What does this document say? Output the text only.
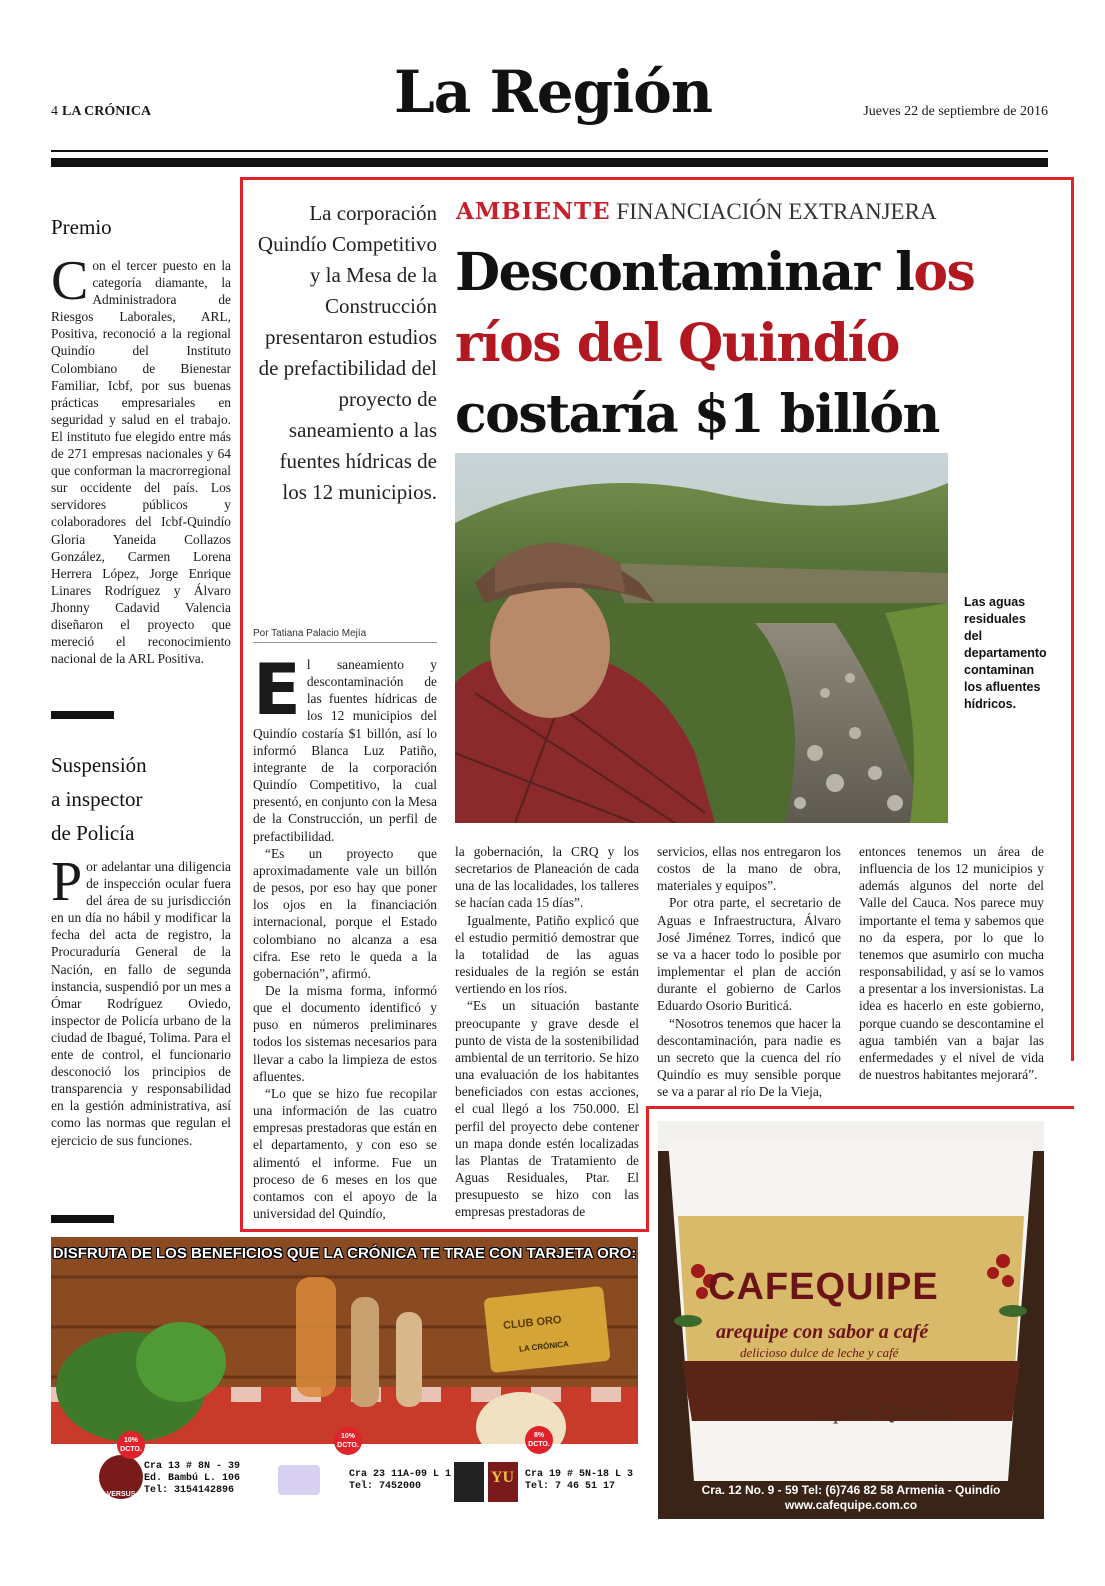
4 LA CRÓNICA	La Región	Jueves 22 de septiembre de 2016
Premio
Con el tercer puesto en la categoría diamante, la Administradora de Riesgos Laborales, ARL, Positiva, reconoció a la regional Quindío del Instituto Colombiano de Bienestar Familiar, Icbf, por sus buenas prácticas empresariales en seguridad y salud en el trabajo. El instituto fue elegido entre más de 271 empresas nacionales y 64 que conforman la macrorregional sur occidente del país. Los servidores públicos y colaboradores del Icbf-Quindío Gloria Yaneida Collazos González, Carmen Lorena Herrera López, Jorge Enrique Linares Rodríguez y Álvaro Jhonny Cadavid Valencia diseñaron el proyecto que mereció el reconocimiento nacional de la ARL Positiva.
Suspensión
a inspector
de Policía
Por adelantar una diligencia de inspección ocular fuera del área de su jurisdicción en un día no hábil y modificar la fecha del acta de registro, la Procuraduría General de la Nación, en fallo de segunda instancia, suspendió por un mes a Ómar Rodríguez Oviedo, inspector de Policía urbano de la ciudad de Ibagué, Tolima. Para el ente de control, el funcionario desconoció los principios de transparencia y responsabilidad en la gestión administrativa, así como las normas que regulan el ejercicio de sus funciones.
La corporación Quindío Competitivo y la Mesa de la Construcción presentaron estudios de prefactibilidad del proyecto de saneamiento a las fuentes hídricas de los 12 municipios.
Por Tatiana Palacio Mejía
AMBIENTE FINANCIACIÓN EXTRANJERA
Descontaminar los
ríos del Quindío
costaría $1 billón
Las aguas residuales del departamento contaminan los afluentes hídricos.

El saneamiento y descontaminación de las fuentes hídricas de los 12 municipios del Quindío costaría $1 billón, así lo informó Blanca Luz Patiño, integrante de la corporación Quindío Competitivo, la cual presentó, en conjunto con la Mesa de la Construcción, un perfil de prefactibilidad.

“Es un proyecto que aproximadamente vale un billón de pesos, por eso hay que poner los ojos en la financiación internacional, porque el Estado colombiano no alcanza a esa cifra. Ese reto le queda a la gobernación”, afirmó.

De la misma forma, informó que el documento identificó y puso en números preliminares todos los sistemas necesarios para llevar a cabo la limpieza de estos afluentes.

“Lo que se hizo fue recopilar una información de las cuatro empresas prestadoras que están en el departamento, y con eso se alimentó el informe. Fue un proceso de 6 meses en los que contamos con el apoyo de la universidad del Quindío,

la gobernación, la CRQ y los secretarios de Planeación de cada una de las localidades, los talleres se hacían cada 15 días”.

Igualmente, Patiño explicó que el estudio permitió demostrar que la totalidad de las aguas residuales de la región se están vertiendo en los ríos.

“Es un situación bastante preocupante y grave desde el punto de vista de la sostenibilidad ambiental de un territorio. Se hizo una evaluación de los habitantes beneficiados con estas acciones, el cual llegó a los 750.000. El perfil del proyecto debe contener un mapa donde estén localizadas las Plantas de Tratamiento de Aguas Residuales, Ptar. El presupuesto se hizo con las empresas prestadoras de

servicios, ellas nos entregaron los costos de la mano de obra, materiales y equipos”.

Por otra parte, el secretario de Aguas e Infraestructura, Álvaro José Jiménez Torres, indicó que se va a hacer todo lo posible por implementar el plan de acción durante el gobierno de Carlos Eduardo Osorio Buriticá.

“Nosotros tenemos que hacer la descontaminación, para nadie es un secreto que la cuenca del río Quindío es muy sensible porque se va a parar al río De la Vieja,

entonces tenemos un área de influencia de los 12 municipios y además algunos del norte del Valle del Cauca. Nos parece muy importante el tema y sabemos que no da espera, por lo que lo tenemos que asumirlo con mucha responsabilidad, y así se lo vamos a presentar a los inversionistas. La idea es hacerlo en este gobierno, porque cuando se descontamine el agua también van a bajar las enfermedades y el nivel de vida de nuestros habitantes mejorará”.

DISFRUTA DE LOS BENEFICIOS QUE LA CRÓNICA TE TRAE CON TARJETA ORO:
CLUB ORO
LA CRÓNICA
10%
DCTO.
10%
DCTO.
8%
DCTO.
VERSUS
YU
Cra 13 # 8N - 39
Ed. Bambú L. 106
Tel: 3154142896
Cra 23 11A-09 L 1
Tel: 7452000
Cra 19 # 5N-18 L 3
Tel: 7 46 51 17
CAFEQUIPE
arequipe con sabor a café
delicioso dulce de leche y café
...puro Quindío
Cra. 12 No. 9 - 59 Tel: (6)746 82 58 Armenia - Quindío
www.cafequipe.com.co
